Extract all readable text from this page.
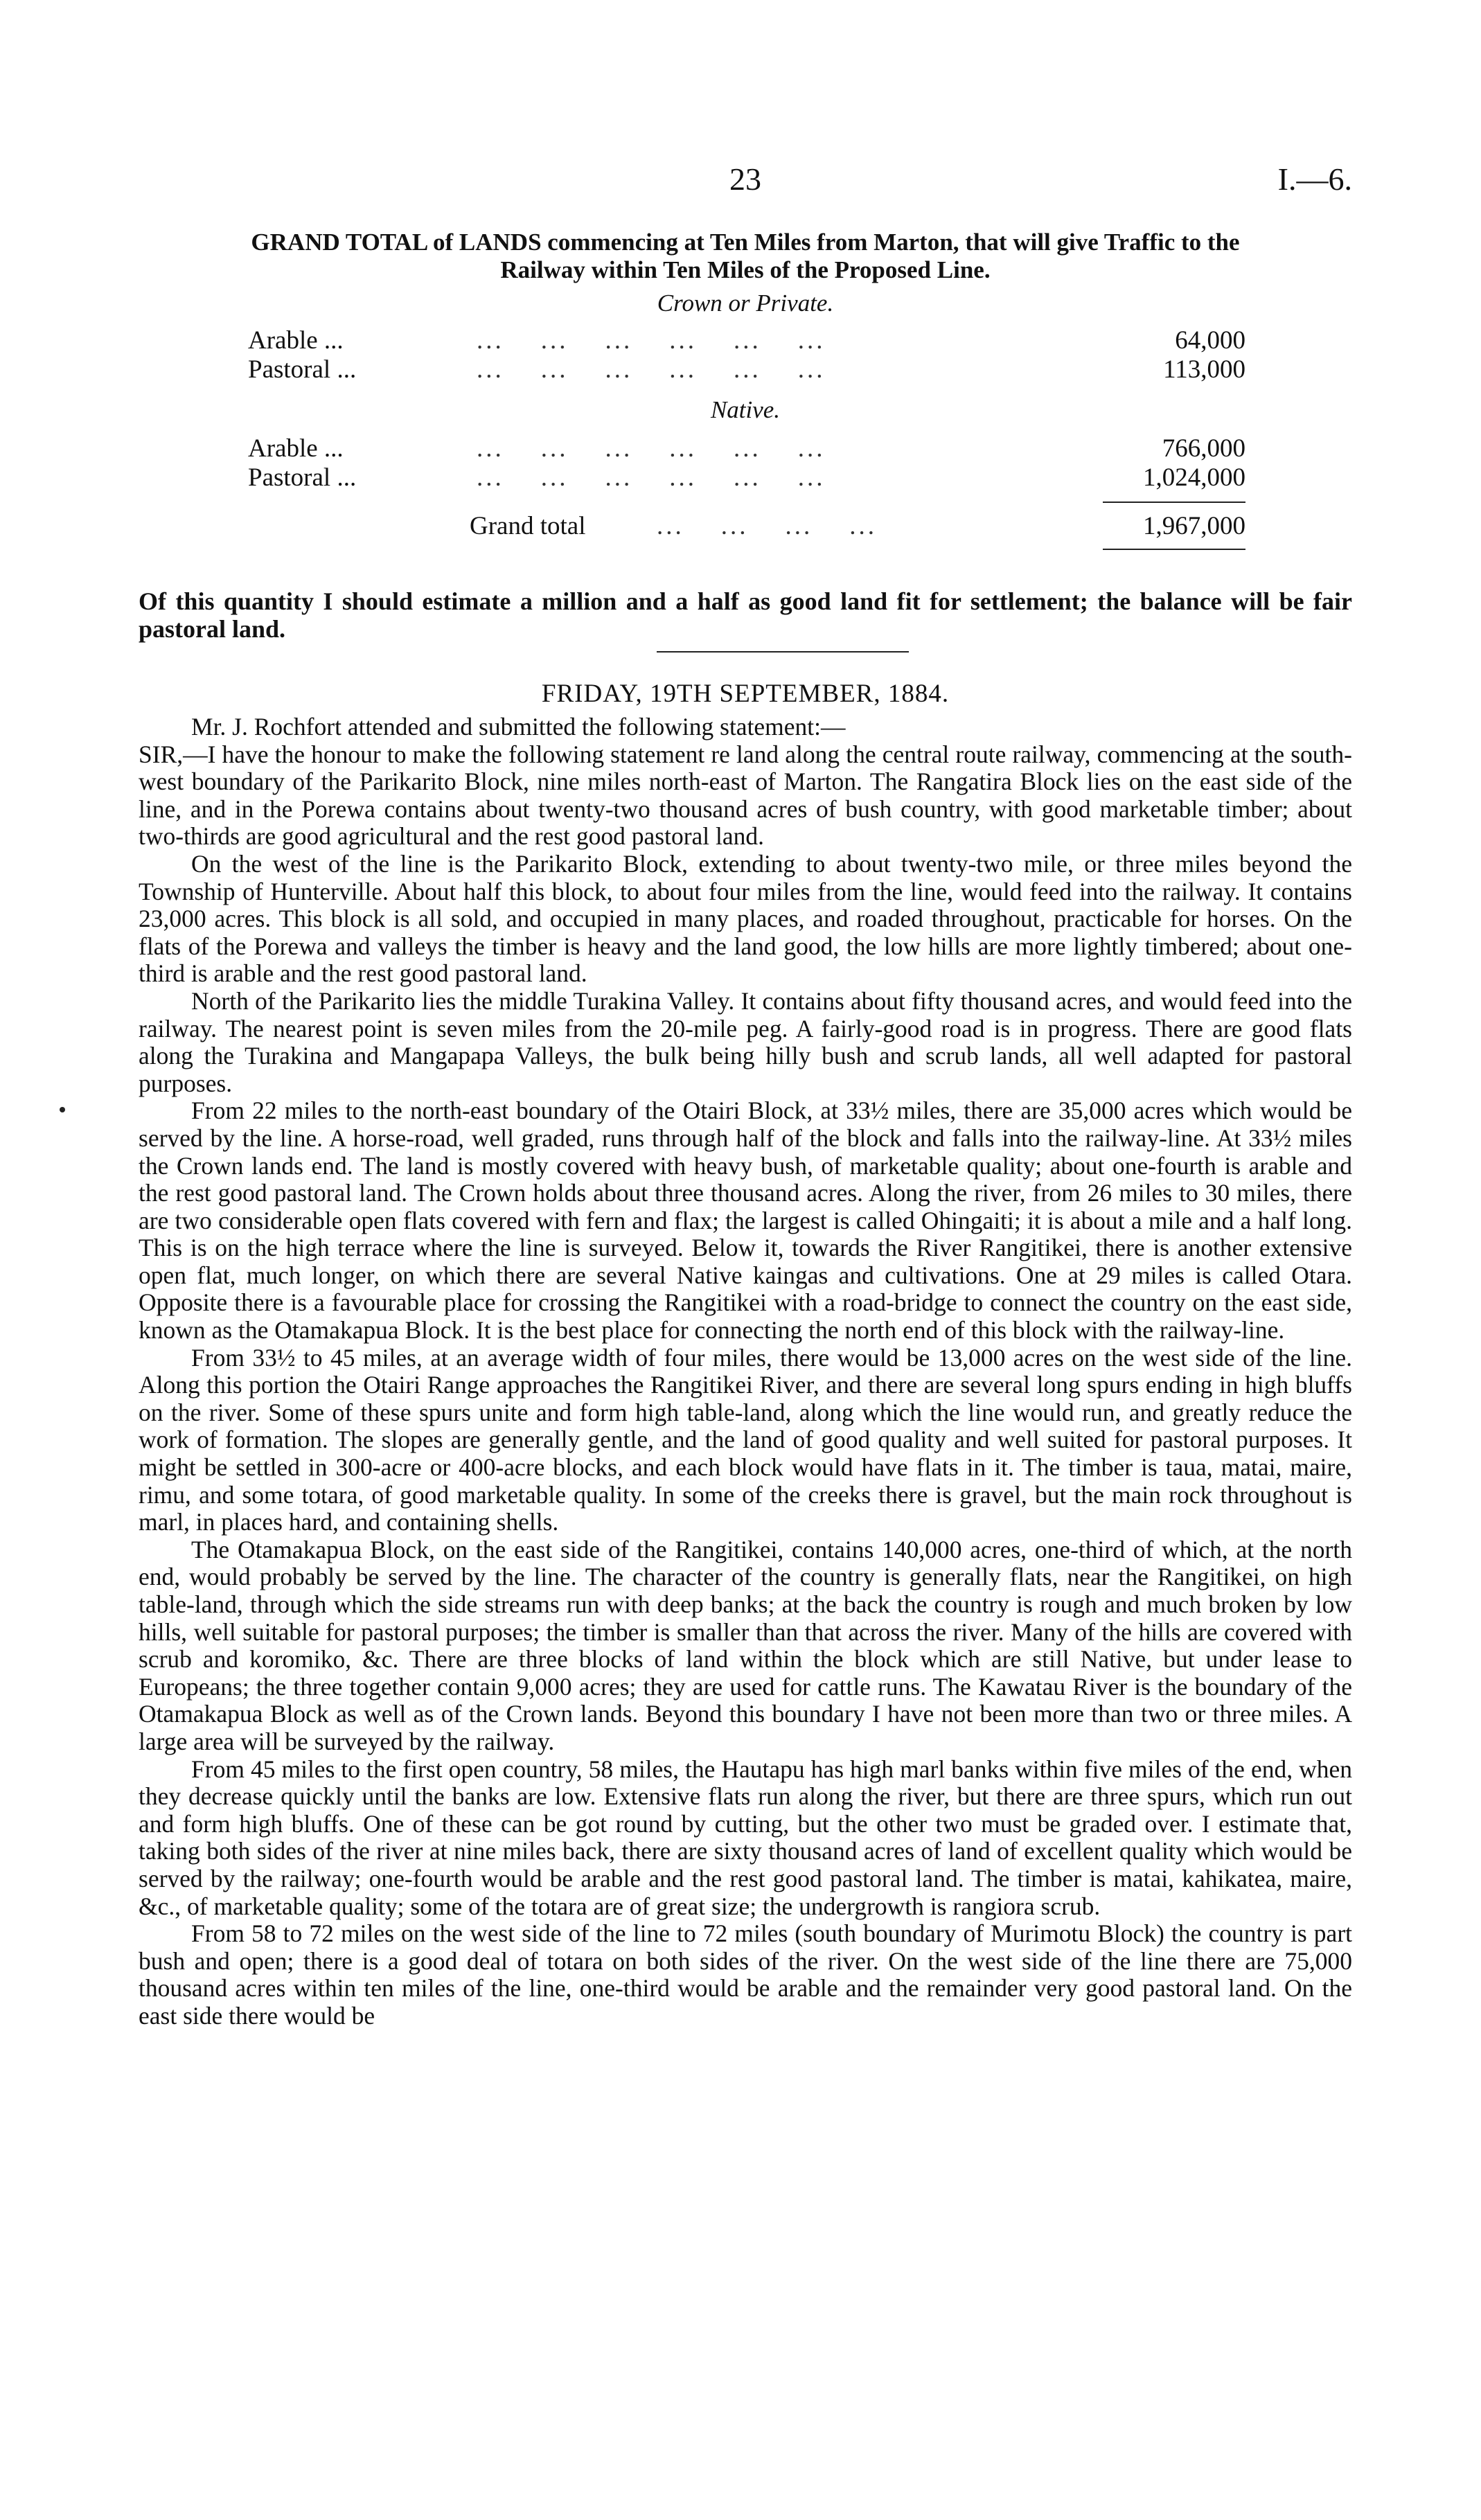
23	I.—6.
GRAND TOTAL of LANDS commencing at Ten Miles from Marton, that will give Traffic to the
Railway within Ten Miles of the Proposed Line.
Crown or Private.
Arable ...	...    ...    ...    ...    ...    ...	64,000
Pastoral ...	...    ...    ...    ...    ...    ...	113,000
Native.
Arable ...	...    ...    ...    ...    ...    ...	766,000
Pastoral ...	...    ...    ...    ...    ...    ...	1,024,000
Grand total	...    ...    ...    ...	1,967,000
Of this quantity I should estimate a million and a half as good land fit for settlement; the balance will be fair pastoral land.
FRIDAY, 19TH SEPTEMBER, 1884.

Mr. J. Rochfort attended and submitted the following statement:—

SIR,—I have the honour to make the following statement re land along the central route railway, commencing at the south-west boundary of the Parikarito Block, nine miles north-east of Marton. The Rangatira Block lies on the east side of the line, and in the Porewa contains about twenty-two thousand acres of bush country, with good marketable timber; about two-thirds are good agricultural and the rest good pastoral land.

On the west of the line is the Parikarito Block, extending to about twenty-two mile, or three miles beyond the Township of Hunterville. About half this block, to about four miles from the line, would feed into the railway. It contains 23,000 acres. This block is all sold, and occupied in many places, and roaded throughout, practicable for horses. On the flats of the Porewa and valleys the timber is heavy and the land good, the low hills are more lightly timbered; about one-third is arable and the rest good pastoral land.

North of the Parikarito lies the middle Turakina Valley. It contains about fifty thousand acres, and would feed into the railway. The nearest point is seven miles from the 20-mile peg. A fairly-good road is in progress. There are good flats along the Turakina and Mangapapa Valleys, the bulk being hilly bush and scrub lands, all well adapted for pastoral purposes.

From 22 miles to the north-east boundary of the Otairi Block, at 33½ miles, there are 35,000 acres which would be served by the line. A horse-road, well graded, runs through half of the block and falls into the railway-line. At 33½ miles the Crown lands end. The land is mostly covered with heavy bush, of marketable quality; about one-fourth is arable and the rest good pastoral land. The Crown holds about three thousand acres. Along the river, from 26 miles to 30 miles, there are two considerable open flats covered with fern and flax; the largest is called Ohingaiti; it is about a mile and a half long. This is on the high terrace where the line is surveyed. Below it, towards the River Rangitikei, there is another extensive open flat, much longer, on which there are several Native kaingas and cultivations. One at 29 miles is called Otara. Opposite there is a favourable place for crossing the Rangitikei with a road-bridge to connect the country on the east side, known as the Otamakapua Block. It is the best place for connecting the north end of this block with the railway-line.

From 33½ to 45 miles, at an average width of four miles, there would be 13,000 acres on the west side of the line. Along this portion the Otairi Range approaches the Rangitikei River, and there are several long spurs ending in high bluffs on the river. Some of these spurs unite and form high table-land, along which the line would run, and greatly reduce the work of formation. The slopes are generally gentle, and the land of good quality and well suited for pastoral purposes. It might be settled in 300-acre or 400-acre blocks, and each block would have flats in it. The timber is taua, matai, maire, rimu, and some totara, of good marketable quality. In some of the creeks there is gravel, but the main rock throughout is marl, in places hard, and containing shells.

The Otamakapua Block, on the east side of the Rangitikei, contains 140,000 acres, one-third of which, at the north end, would probably be served by the line. The character of the country is generally flats, near the Rangitikei, on high table-land, through which the side streams run with deep banks; at the back the country is rough and much broken by low hills, well suitable for pastoral purposes; the timber is smaller than that across the river. Many of the hills are covered with scrub and koromiko, &c. There are three blocks of land within the block which are still Native, but under lease to Europeans; the three together contain 9,000 acres; they are used for cattle runs. The Kawatau River is the boundary of the Otamakapua Block as well as of the Crown lands. Beyond this boundary I have not been more than two or three miles. A large area will be surveyed by the railway.

From 45 miles to the first open country, 58 miles, the Hautapu has high marl banks within five miles of the end, when they decrease quickly until the banks are low. Extensive flats run along the river, but there are three spurs, which run out and form high bluffs. One of these can be got round by cutting, but the other two must be graded over. I estimate that, taking both sides of the river at nine miles back, there are sixty thousand acres of land of excellent quality which would be served by the railway; one-fourth would be arable and the rest good pastoral land. The timber is matai, kahikatea, maire, &c., of marketable quality; some of the totara are of great size; the undergrowth is rangiora scrub.

From 58 to 72 miles on the west side of the line to 72 miles (south boundary of Murimotu Block) the country is part bush and open; there is a good deal of totara on both sides of the river. On the west side of the line there are 75,000 thousand acres within ten miles of the line, one-third would be arable and the remainder very good pastoral land. On the east side there would be
